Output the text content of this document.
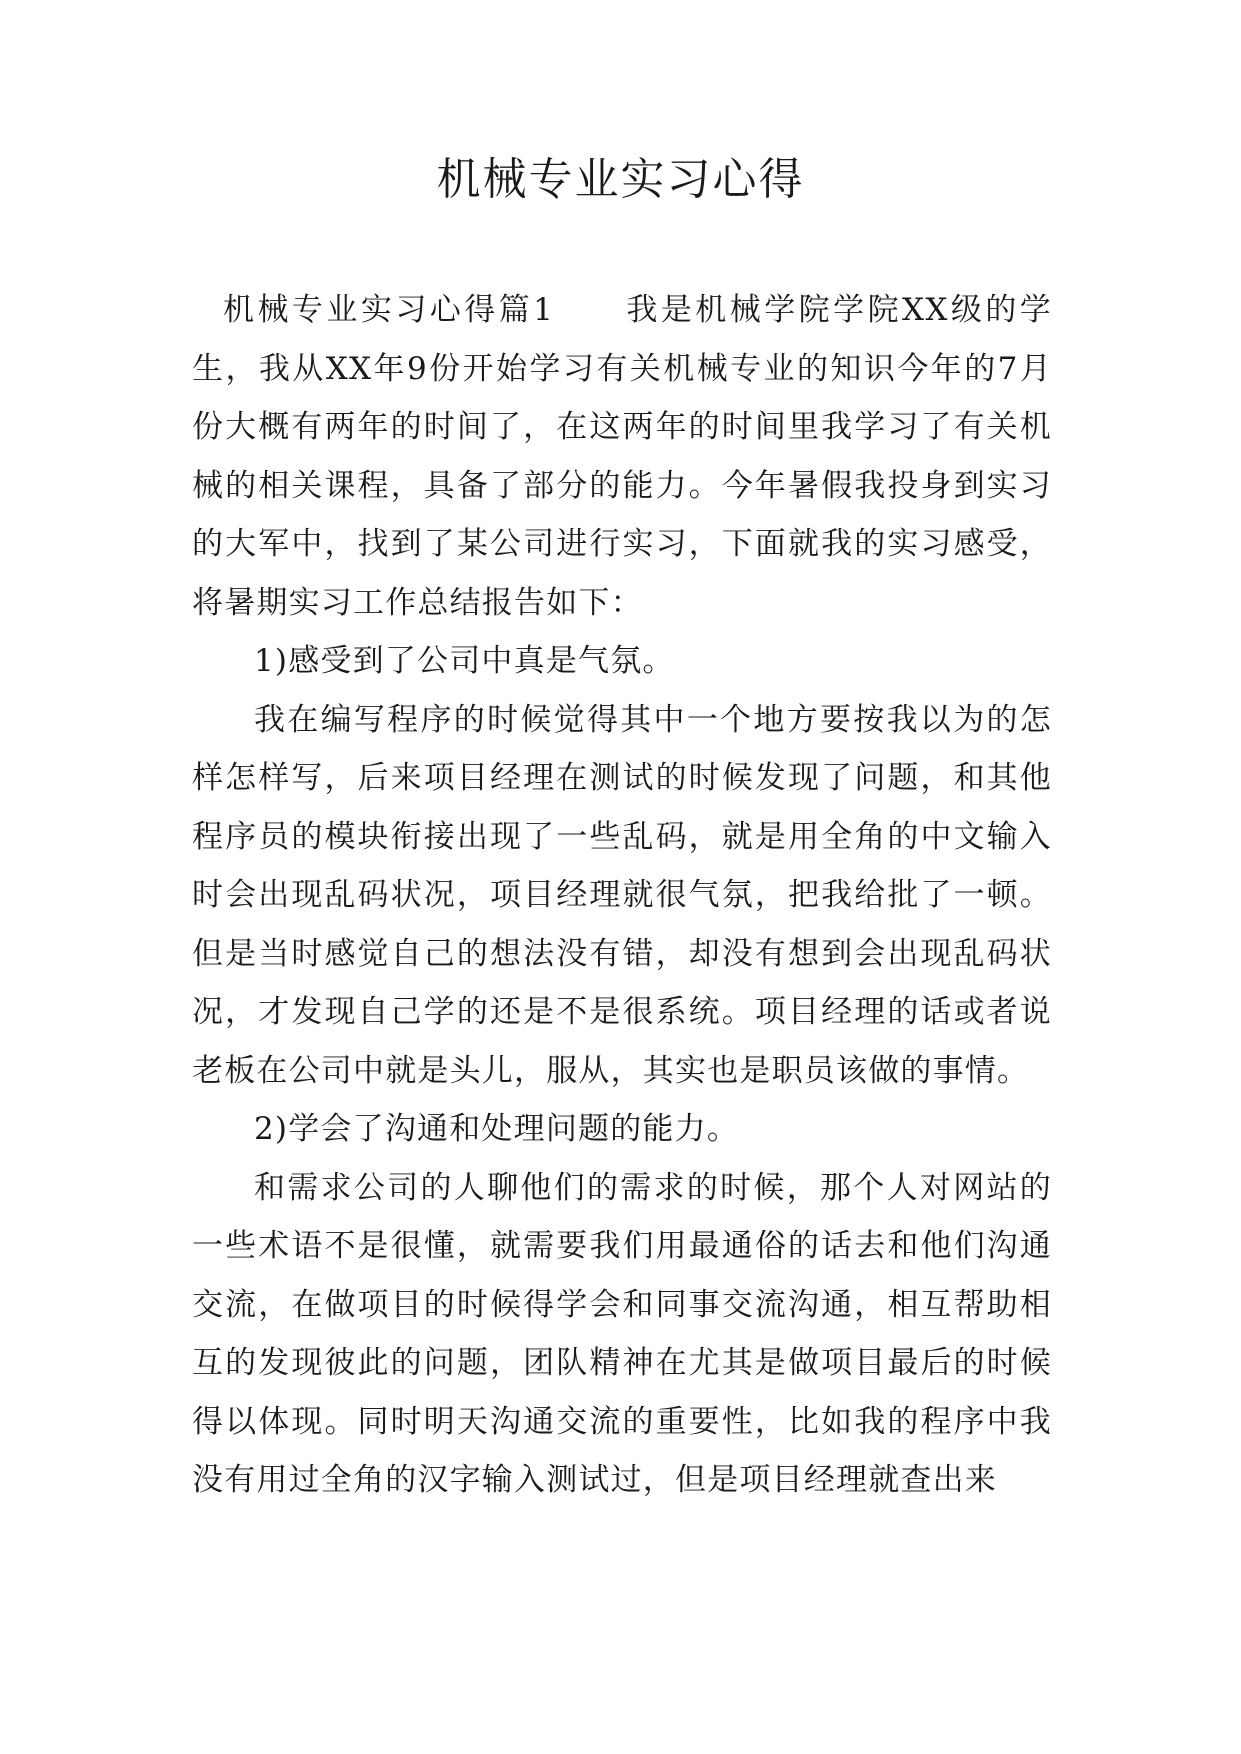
机械专业实习心得

机械专业实习心得篇1 我是机械学院学院XX级的学生，我从XX年9份开始学习有关机械专业的知识今年的7月份大概有两年的时间了，在这两年的时间里我学习了有关机械的相关课程，具备了部分的能力。今年暑假我投身到实习的大军中，找到了某公司进行实习，下面就我的实习感受，将暑期实习工作总结报告如下：

1)感受到了公司中真是气氛。

我在编写程序的时候觉得其中一个地方要按我以为的怎样怎样写，后来项目经理在测试的时候发现了问题，和其他程序员的模块衔接出现了一些乱码，就是用全角的中文输入时会出现乱码状况，项目经理就很气氛，把我给批了一顿。但是当时感觉自己的想法没有错，却没有想到会出现乱码状况，才发现自己学的还是不是很系统。项目经理的话或者说老板在公司中就是头儿，服从，其实也是职员该做的事情。

2)学会了沟通和处理问题的能力。

和需求公司的人聊他们的需求的时候，那个人对网站的一些术语不是很懂，就需要我们用最通俗的话去和他们沟通交流，在做项目的时候得学会和同事交流沟通，相互帮助相互的发现彼此的问题，团队精神在尤其是做项目最后的时候得以体现。同时明天沟通交流的重要性，比如我的程序中我没有用过全角的汉字输入测试过，但是项目经理就查出来
